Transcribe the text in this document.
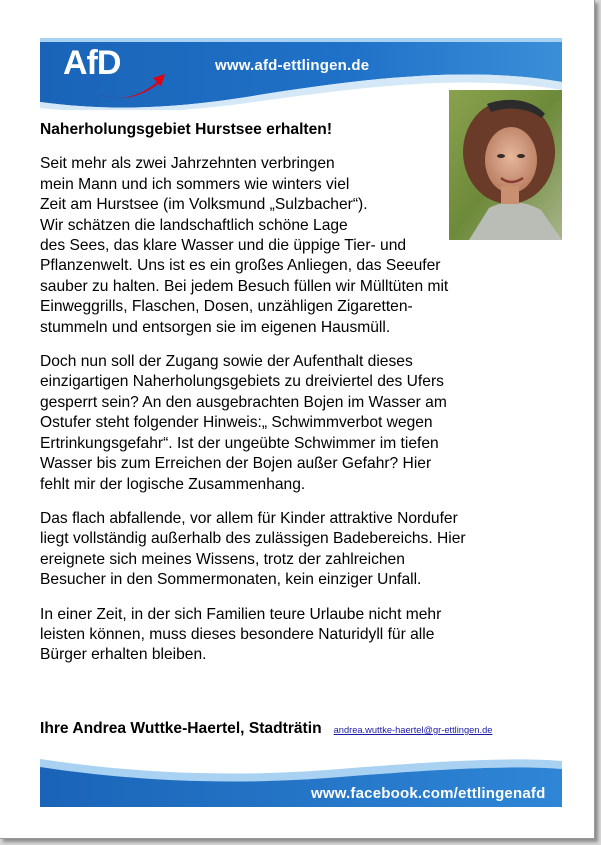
AfD	www.afd-ettlingen.de

Naherholungsgebiet Hurstsee erhalten!

Seit mehr als zwei Jahrzehnten verbringen
mein Mann und ich sommers wie winters viel
Zeit am Hurstsee (im Volksmund „Sulzbacher“).
Wir schätzen die landschaftlich schöne Lage
des Sees, das klare Wasser und die üppige Tier- und
Pflanzenwelt. Uns ist es ein großes Anliegen, das Seeufer
sauber zu halten. Bei jedem Besuch füllen wir Mülltüten mit
Einweggrills, Flaschen, Dosen, unzähligen Zigaretten-
stummeln und entsorgen sie im eigenen Hausmüll.

Doch nun soll der Zugang sowie der Aufenthalt dieses
einzigartigen Naherholungsgebiets zu dreiviertel des Ufers
gesperrt sein? An den ausgebrachten Bojen im Wasser am
Ostufer steht folgender Hinweis:„ Schwimmverbot wegen
Ertrinkungsgefahr“. Ist der ungeübte Schwimmer im tiefen
Wasser bis zum Erreichen der Bojen außer Gefahr? Hier
fehlt mir der logische Zusammenhang.

Das flach abfallende, vor allem für Kinder attraktive Nordufer
liegt vollständig außerhalb des zulässigen Badebereichs. Hier
ereignete sich meines Wissens, trotz der zahlreichen
Besucher in den Sommermonaten, kein einziger Unfall.

In einer Zeit, in der sich Familien teure Urlaube nicht mehr
leisten können, muss dieses besondere Naturidyll für alle
Bürger erhalten bleiben.

Ihre Andrea Wuttke-Haertel, Stadträtin andrea.wuttke-haertel@gr-ettlingen.de
www.facebook.com/ettlingenafd
